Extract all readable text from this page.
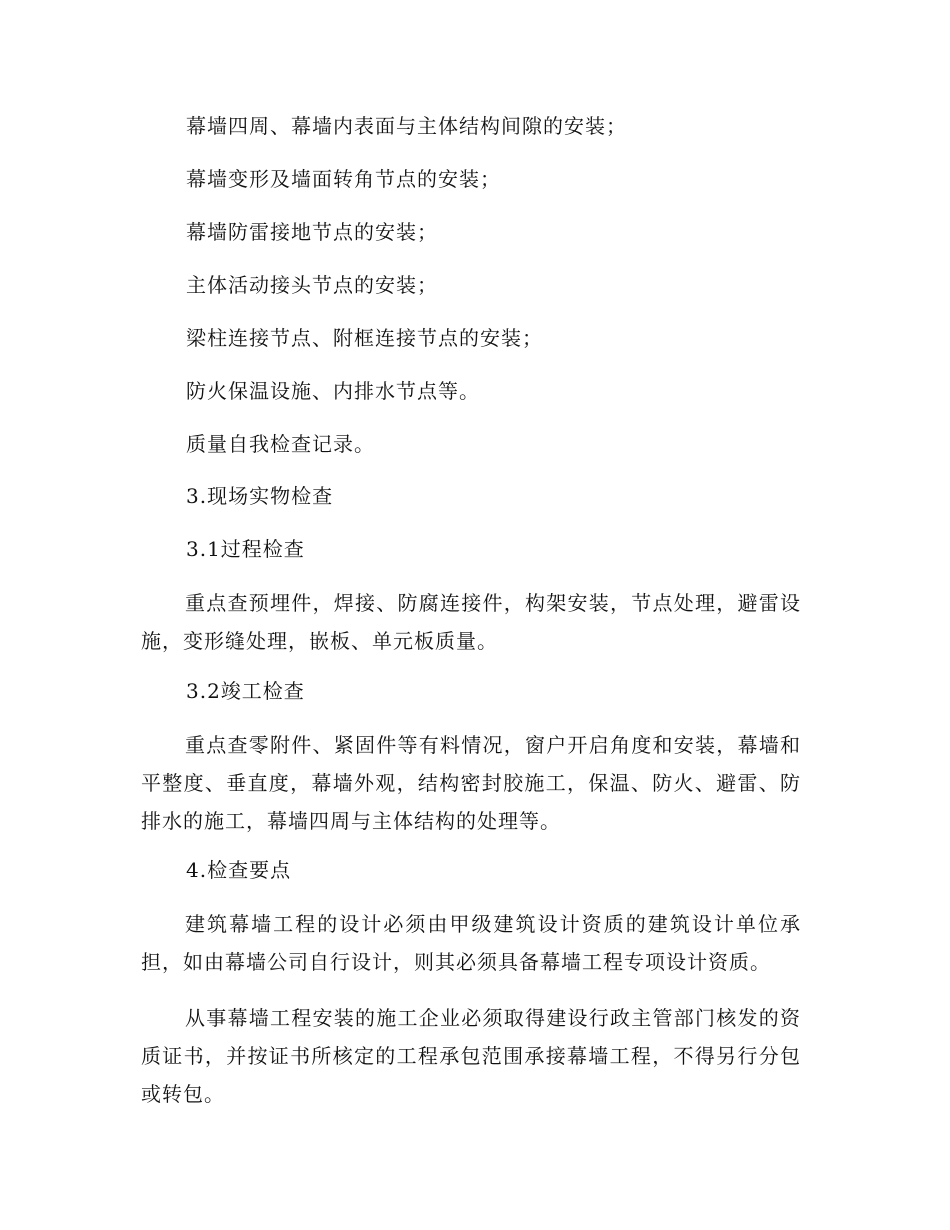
幕墙四周、幕墙内表面与主体结构间隙的安装；

幕墙变形及墙面转角节点的安装；

幕墙防雷接地节点的安装；

主体活动接头节点的安装；

梁柱连接节点、附框连接节点的安装；

防火保温设施、内排水节点等。

质量自我检查记录。

3.现场实物检查

3.1过程检查

重点查预埋件，焊接、防腐连接件，构架安装，节点处理，避雷设施，变形缝处理，嵌板、单元板质量。

3.2竣工检查

重点查零附件、紧固件等有料情况，窗户开启角度和安装，幕墙和平整度、垂直度，幕墙外观，结构密封胶施工，保温、防火、避雷、防排水的施工，幕墙四周与主体结构的处理等。

4.检查要点

建筑幕墙工程的设计必须由甲级建筑设计资质的建筑设计单位承担，如由幕墙公司自行设计，则其必须具备幕墙工程专项设计资质。

从事幕墙工程安装的施工企业必须取得建设行政主管部门核发的资质证书，并按证书所核定的工程承包范围承接幕墙工程，不得另行分包或转包。
